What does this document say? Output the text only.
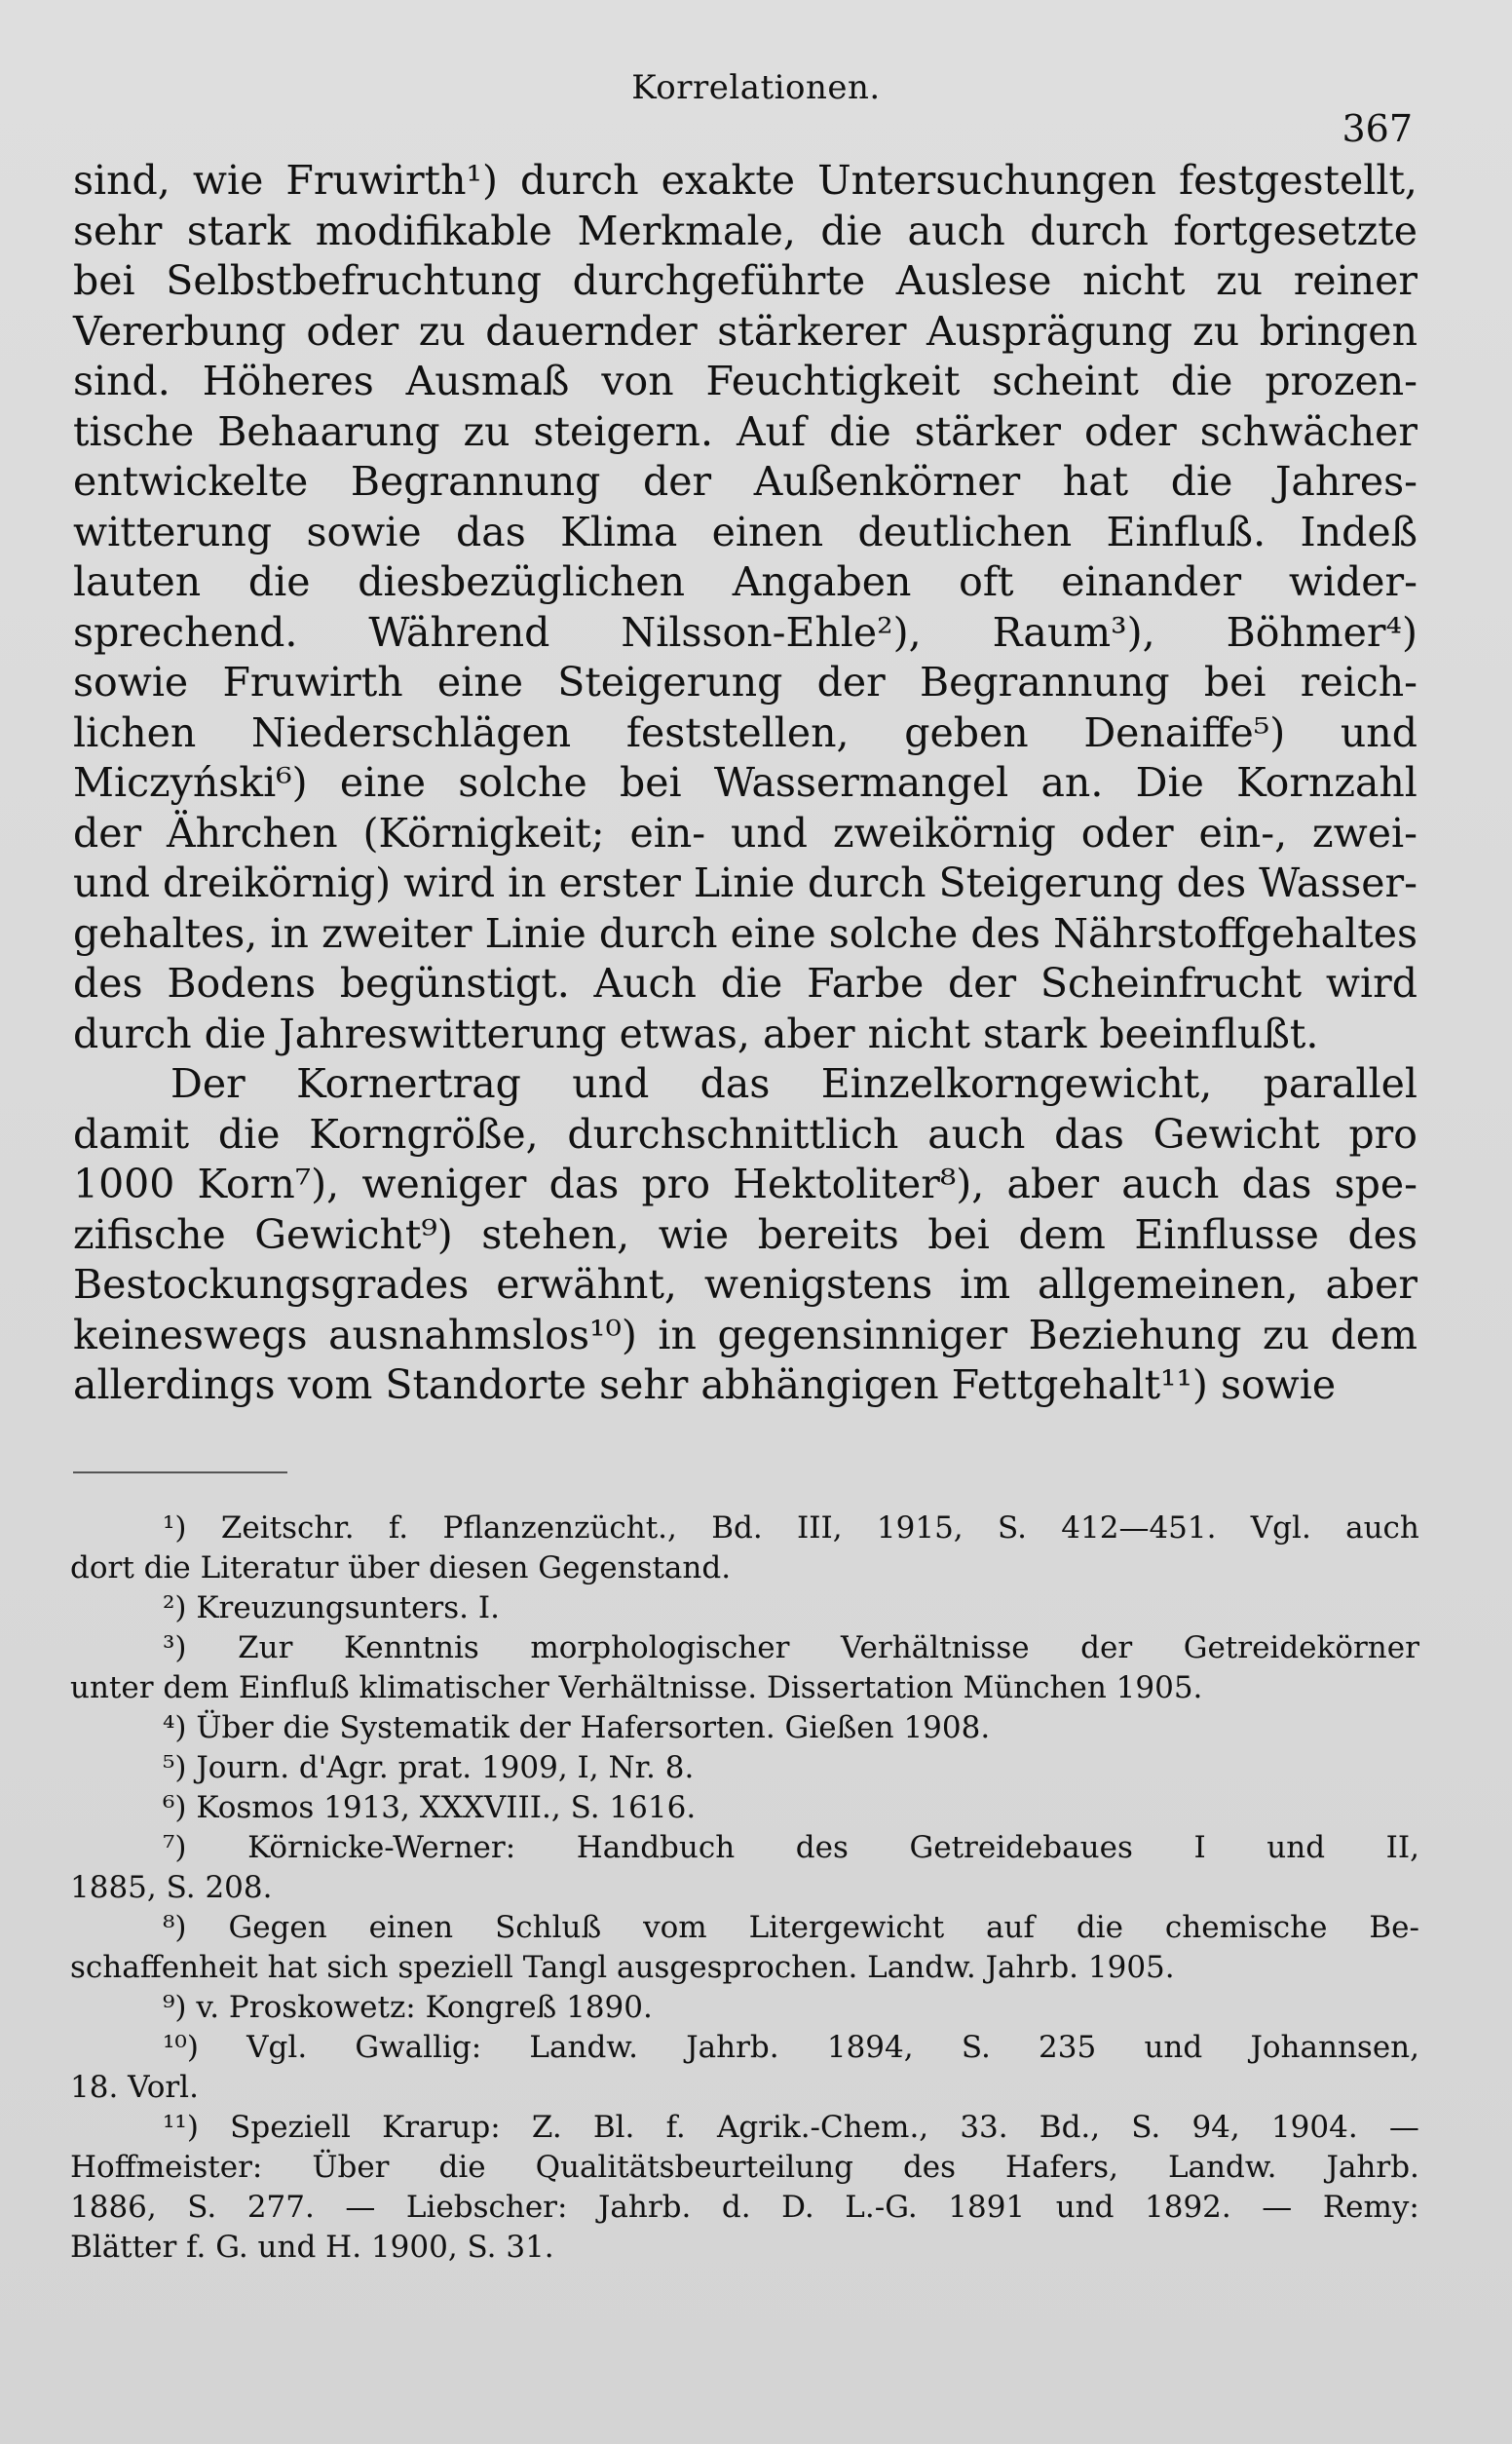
Korrelationen.
367
sind, wie Fruwirth¹) durch exakte Untersuchungen festgestellt,
sehr stark modifikable Merkmale, die auch durch fortgesetzte
bei Selbstbefruchtung durchgeführte Auslese nicht zu reiner
Vererbung oder zu dauernder stärkerer Ausprägung zu bringen
sind. Höheres Ausmaß von Feuchtigkeit scheint die prozen-
tische Behaarung zu steigern. Auf die stärker oder schwächer
entwickelte Begrannung der Außenkörner hat die Jahres-
witterung sowie das Klima einen deutlichen Einfluß. Indeß
lauten die diesbezüglichen Angaben oft einander wider-
sprechend. Während Nilsson-Ehle²), Raum³), Böhmer⁴)
sowie Fruwirth eine Steigerung der Begrannung bei reich-
lichen Niederschlägen feststellen, geben Denaiffe⁵) und
Miczyński⁶) eine solche bei Wassermangel an. Die Kornzahl
der Ährchen (Körnigkeit; ein- und zweikörnig oder ein-, zwei-
und dreikörnig) wird in erster Linie durch Steigerung des Wasser-
gehaltes, in zweiter Linie durch eine solche des Nährstoffgehaltes
des Bodens begünstigt. Auch die Farbe der Scheinfrucht wird
durch die Jahreswitterung etwas, aber nicht stark beeinflußt.
Der Kornertrag und das Einzelkorngewicht, parallel
damit die Korngröße, durchschnittlich auch das Gewicht pro
1000 Korn⁷), weniger das pro Hektoliter⁸), aber auch das spe-
zifische Gewicht⁹) stehen, wie bereits bei dem Einflusse des
Bestockungsgrades erwähnt, wenigstens im allgemeinen, aber
keineswegs ausnahmslos¹⁰) in gegensinniger Beziehung zu dem
allerdings vom Standorte sehr abhängigen Fettgehalt¹¹) sowie
¹) Zeitschr. f. Pflanzenzücht., Bd. III, 1915, S. 412—451. Vgl. auch
dort die Literatur über diesen Gegenstand.
²) Kreuzungsunters. I.
³) Zur Kenntnis morphologischer Verhältnisse der Getreidekörner
unter dem Einfluß klimatischer Verhältnisse. Dissertation München 1905.
⁴) Über die Systematik der Hafersorten. Gießen 1908.
⁵) Journ. d'Agr. prat. 1909, I, Nr. 8.
⁶) Kosmos 1913, XXXVIII., S. 1616.
⁷) Körnicke-Werner: Handbuch des Getreidebaues I und II,
1885, S. 208.
⁸) Gegen einen Schluß vom Litergewicht auf die chemische Be-
schaffenheit hat sich speziell Tangl ausgesprochen. Landw. Jahrb. 1905.
⁹) v. Proskowetz: Kongreß 1890.
¹⁰) Vgl. Gwallig: Landw. Jahrb. 1894, S. 235 und Johannsen,
18. Vorl.
¹¹) Speziell Krarup: Z. Bl. f. Agrik.-Chem., 33. Bd., S. 94, 1904. —
Hoffmeister: Über die Qualitätsbeurteilung des Hafers, Landw. Jahrb.
1886, S. 277. — Liebscher: Jahrb. d. D. L.-G. 1891 und 1892. — Remy:
Blätter f. G. und H. 1900, S. 31.
